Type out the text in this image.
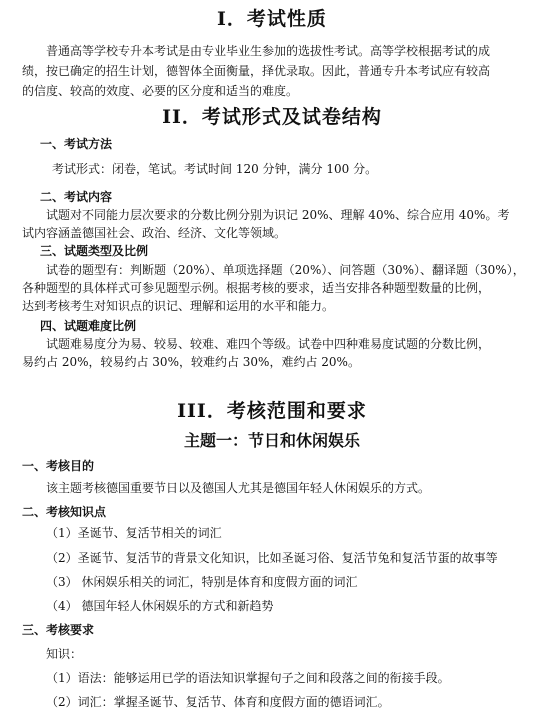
I．考试性质
普通高等学校专升本考试是由专业毕业生参加的选拔性考试。高等学校根据考试的成
绩，按已确定的招生计划，德智体全面衡量，择优录取。因此，普通专升本考试应有较高
的信度、较高的效度、必要的区分度和适当的难度。
II．考试形式及试卷结构
一、考试方法
考试形式：闭卷，笔试。考试时间 120 分钟，满分 100 分。
二、考试内容
试题对不同能力层次要求的分数比例分别为识记 20%、理解 40%、综合应用 40%。考
试内容涵盖德国社会、政治、经济、文化等领域。
三、试题类型及比例
试卷的题型有：判断题（20%）、单项选择题（20%）、问答题（30%）、翻译题（30%），
各种题型的具体样式可参见题型示例。根据考核的要求，适当安排各种题型数量的比例，
达到考核考生对知识点的识记、理解和运用的水平和能力。
四、试题难度比例
试题难易度分为易、较易、较难、难四个等级。试卷中四种难易度试题的分数比例，
易约占 20%，较易约占 30%，较难约占 30%，难约占 20%。
III．考核范围和要求
主题一：节日和休闲娱乐
一、考核目的
该主题考核德国重要节日以及德国人尤其是德国年轻人休闲娱乐的方式。
二、考核知识点
（1）圣诞节、复活节相关的词汇
（2）圣诞节、复活节的背景文化知识，比如圣诞习俗、复活节兔和复活节蛋的故事等
（3） 休闲娱乐相关的词汇，特别是体育和度假方面的词汇
（4） 德国年轻人休闲娱乐的方式和新趋势
三、考核要求
知识：
（1）语法：能够运用已学的语法知识掌握句子之间和段落之间的衔接手段。
（2）词汇：掌握圣诞节、复活节、体育和度假方面的德语词汇。
